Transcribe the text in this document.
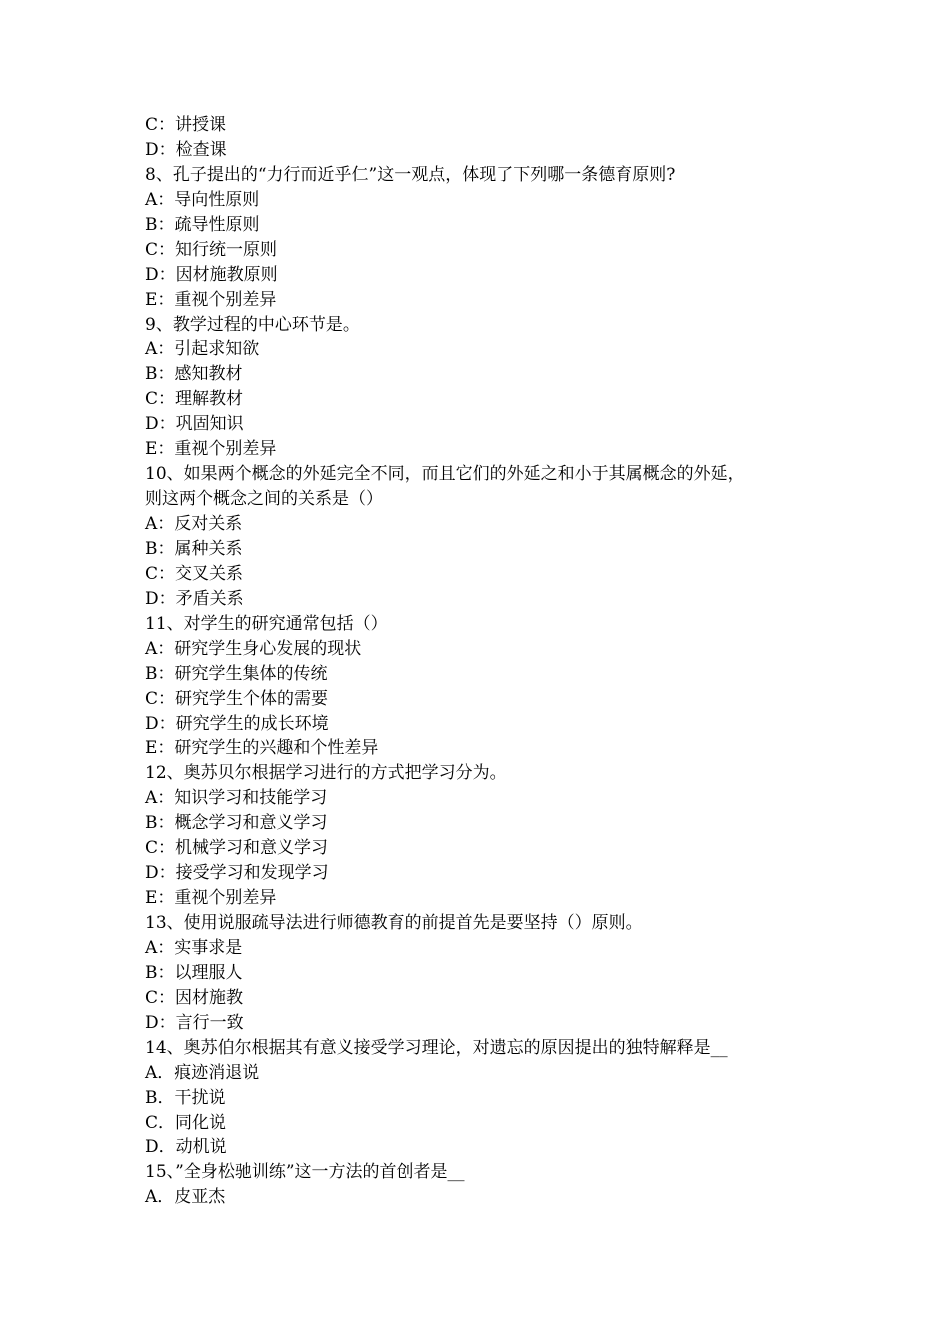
C：讲授课
D：检查课
8、孔子提出的“力行而近乎仁”这一观点，体现了下列哪一条德育原则?
A：导向性原则
B：疏导性原则
C：知行统一原则
D：因材施教原则
E：重视个别差异
9、教学过程的中心环节是。
A：引起求知欲
B：感知教材
C：理解教材
D：巩固知识
E：重视个别差异
10、如果两个概念的外延完全不同，而且它们的外延之和小于其属概念的外延，
则这两个概念之间的关系是（）
A：反对关系
B：属种关系
C：交叉关系
D：矛盾关系
11、对学生的研究通常包括（）
A：研究学生身心发展的现状
B：研究学生集体的传统
C：研究学生个体的需要
D：研究学生的成长环境
E：研究学生的兴趣和个性差异
12、奥苏贝尔根据学习进行的方式把学习分为。
A：知识学习和技能学习
B：概念学习和意义学习
C：机械学习和意义学习
D：接受学习和发现学习
E：重视个别差异
13、使用说服疏导法进行师德教育的前提首先是要坚持（）原则。
A：实事求是
B：以理服人
C：因材施教
D：言行一致
14、奥苏伯尔根据其有意义接受学习理论，对遗忘的原因提出的独特解释是__
A．痕迹消退说
B．干扰说
C．同化说
D．动机说
15、”全身松驰训练”这一方法的首创者是__
A．皮亚杰
